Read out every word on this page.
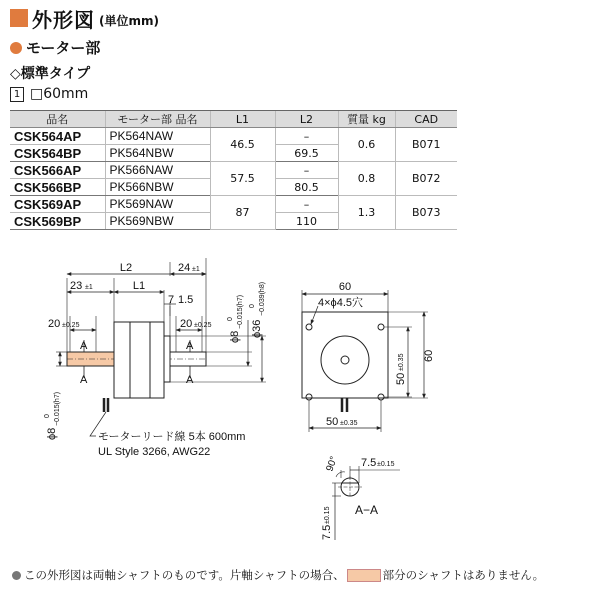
外形図 (単位mm)
モーター部
◇標準タイプ
1 □60mm
品名	モーター部 品名	L1	L2	質量 kg	CAD
CSK564AP	PK564NAW	46.5	–	0.6	B071
CSK564BP	PK564NBW		69.5		
CSK566AP	PK566NAW	57.5	–	0.8	B072
CSK566BP	PK566NBW		80.5		
CSK569AP	PK569NAW	87	–	1.3	B073
CSK569BP	PK569NBW		110		
L2	24 ±1
23 ±1	L1
7 1.5
20 ±0.25	20 ±0.25
A
A
A
A
ϕ8
0 −0.015(h7) ϕ36
0 −0.039(h8)
ϕ8
0 −0.015(h7)
モーターリード線 5本 600mm
UL Style 3266, AWG22
60
4×ϕ4.5穴
50
±0.35 60
50 ±0.35
90° 7.5 ±0.15
7.5
±0.15 A−A
この外形図は両軸シャフトのものです。片軸シャフトの場合、	部分のシャフトはありません。
